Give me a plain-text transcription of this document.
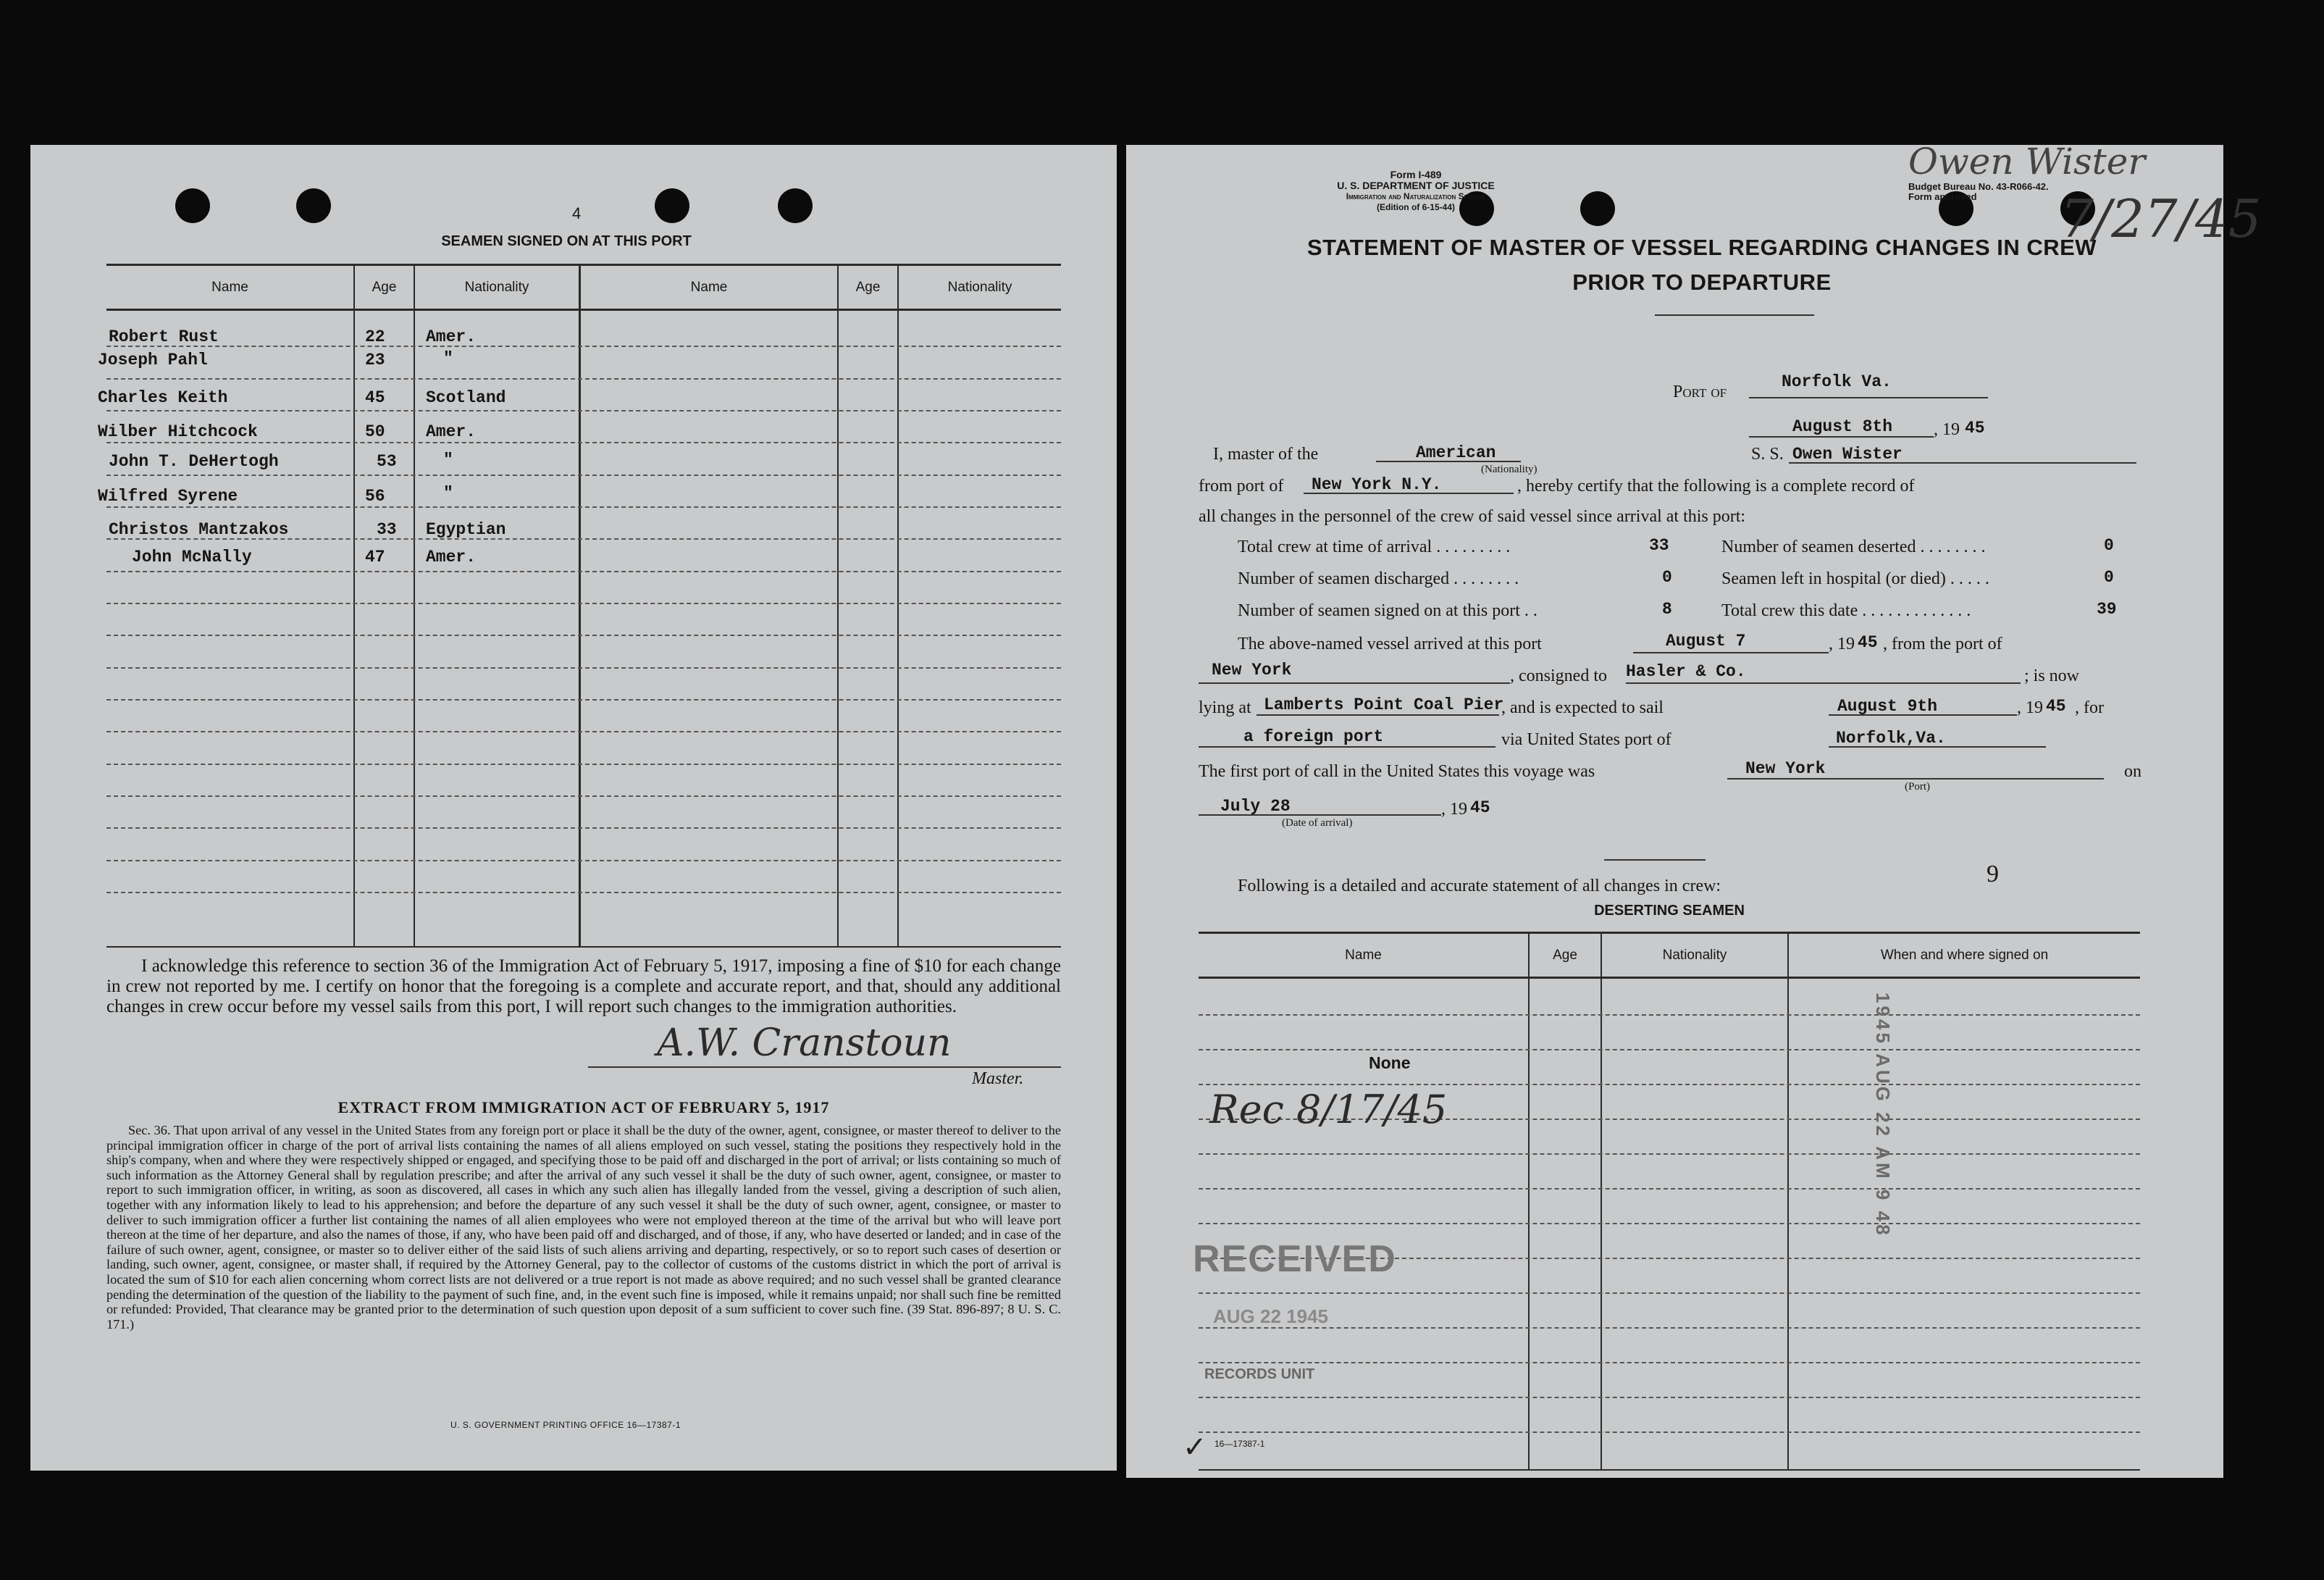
4
SEAMEN SIGNED ON AT THIS PORT
Name	Age	Nationality	Name	Age	Nationality
Robert Rust	22 Amer.
Joseph Pahl	23	"
Charles Keith	45 Scotland
Wilber Hitchcock	50 Amer.
John T. DeHertogh	53	"
Wilfred Syrene	56	"
Christos Mantzakos	33 Egyptian
John McNally	47 Amer.
I acknowledge this reference to section 36 of the Immigration Act of February 5, 1917, imposing a fine of $10 for each change in crew not reported by me. I certify on honor that the foregoing is a complete and accurate report, and that, should any additional changes in crew occur before my vessel sails from this port, I will report such changes to the immigration authorities.
A.W. Cranstoun
Master.
EXTRACT FROM IMMIGRATION ACT OF FEBRUARY 5, 1917
Sec. 36. That upon arrival of any vessel in the United States from any foreign port or place it shall be the duty of the owner, agent, consignee, or master thereof to deliver to the principal immigration officer in charge of the port of arrival lists containing the names of all aliens employed on such vessel, stating the positions they respectively hold in the ship's company, when and where they were respectively shipped or engaged, and specifying those to be paid off and discharged in the port of arrival; or lists containing so much of such information as the Attorney General shall by regulation prescribe; and after the arrival of any such vessel it shall be the duty of such owner, agent, consignee, or master to report to such immigration officer, in writing, as soon as discovered, all cases in which any such alien has illegally landed from the vessel, giving a description of such alien, together with any information likely to lead to his apprehension; and before the departure of any such vessel it shall be the duty of such owner, agent, consignee, or master to deliver to such immigration officer a further list containing the names of all alien employees who were not employed thereon at the time of the arrival but who will leave port thereon at the time of her departure, and also the names of those, if any, who have been paid off and discharged, and of those, if any, who have deserted or landed; and in case of the failure of such owner, agent, consignee, or master so to deliver either of the said lists of such aliens arriving and departing, respectively, or so to report such cases of desertion or landing, such owner, agent, consignee, or master shall, if required by the Attorney General, pay to the collector of customs of the customs district in which the port of arrival is located the sum of $10 for each alien concerning whom correct lists are not delivered or a true report is not made as above required; and no such vessel shall be granted clearance pending the determination of the question of the liability to the payment of such fine, and, in the event such fine is imposed, while it remains unpaid; nor shall such fine be remitted or refunded: Provided, That clearance may be granted prior to the determination of such question upon deposit of a sum sufficient to cover such fine. (39 Stat. 896-897; 8 U. S. C. 171.)
U. S. GOVERNMENT PRINTING OFFICE 16—17387-1
Form I-489
U. S. DEPARTMENT OF JUSTICE
Immigration and Naturalization Service
(Edition of 6-15-44)
Budget Bureau No. 43-R066-42.
Form approved
Owen Wister
7/27/45
STATEMENT OF MASTER OF VESSEL REGARDING CHANGES IN CREW
PRIOR TO DEPARTURE
Port of
Norfolk Va.
August 8th , 19 45
I, master of the	American
(Nationality)
S. S. Owen Wister
from port of New York N.Y.	, hereby certify that the following is a complete record of
all changes in the personnel of the crew of said vessel since arrival at this port:
Total crew at time of arrival . . . . . . . . .	33	Number of seamen deserted . . . . . . . .	0
Number of seamen discharged . . . . . . . .	0	Seamen left in hospital (or died) . . . . .	0
Number of seamen signed on at this port . .	8	Total crew this date . . . . . . . . . . . . .	39
The above-named vessel arrived at this port	August 7	, 19 45 , from the port of
New York	, consigned to Hasler & Co.	; is now
lying at Lamberts Point Coal Pier
, and is expected to sail	August 9th	, 19 45 , for
a foreign port	via United States port of	Norfolk,Va.
The first port of call in the United States this voyage was	New York
(Port)
on
July 28
(Date of arrival)
, 19 45
Following is a detailed and accurate statement of all changes in crew:	9
DESERTING SEAMEN
Name	Age	Nationality	When and where signed on
None
Rec 8/17/45
RECEIVED
AUG 22 1945
RECORDS UNIT
1945 AUG 22 AM 9 48
✓ 16—17387-1
